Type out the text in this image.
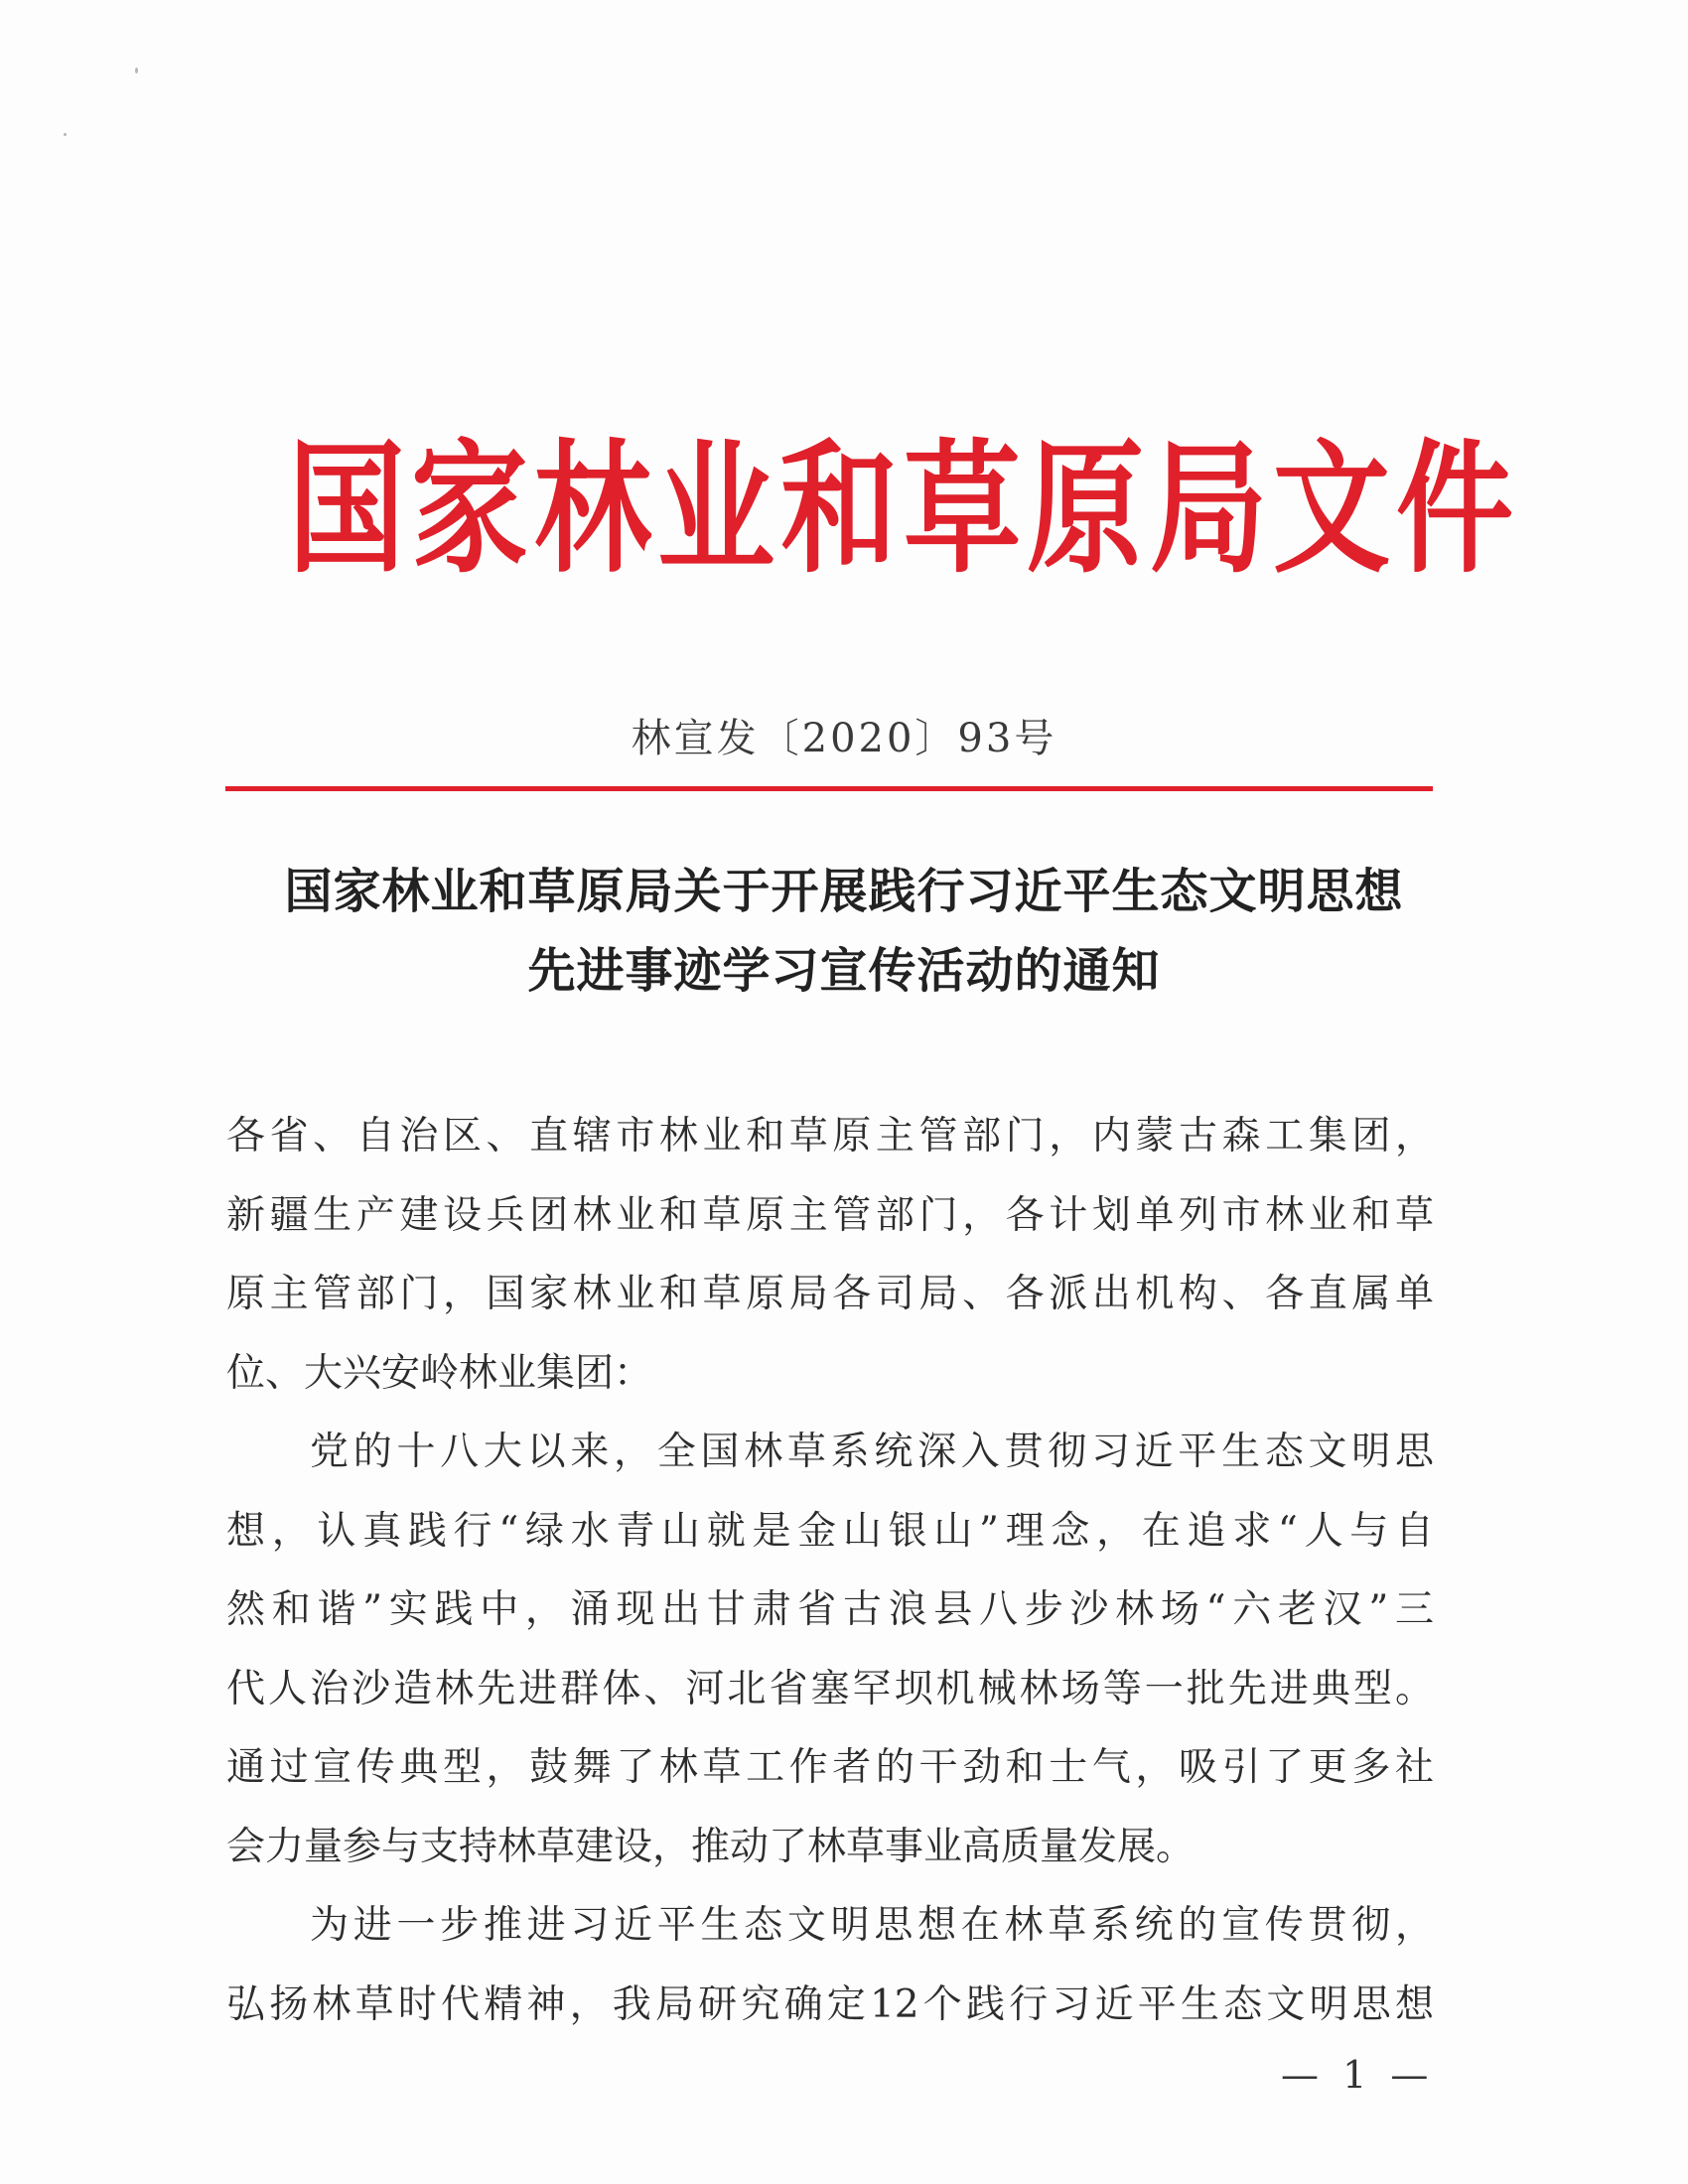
国家林业和草原局文件
林宣发〔2020〕93号
国家林业和草原局关于开展践行习近平生态文明思想
先进事迹学习宣传活动的通知
各省、自治区、直辖市林业和草原主管部门，内蒙古森工集团，
新疆生产建设兵团林业和草原主管部门，各计划单列市林业和草
原主管部门，国家林业和草原局各司局、各派出机构、各直属单
位、大兴安岭林业集团：
党的十八大以来，全国林草系统深入贯彻习近平生态文明思
想，认真践行“绿水青山就是金山银山”理念，在追求“人与自
然和谐”实践中，涌现出甘肃省古浪县八步沙林场“六老汉”三
代人治沙造林先进群体、河北省塞罕坝机械林场等一批先进典型。
通过宣传典型，鼓舞了林草工作者的干劲和士气，吸引了更多社
会力量参与支持林草建设，推动了林草事业高质量发展。
为进一步推进习近平生态文明思想在林草系统的宣传贯彻，
弘扬林草时代精神，我局研究确定12个践行习近平生态文明思想
— 1 —
